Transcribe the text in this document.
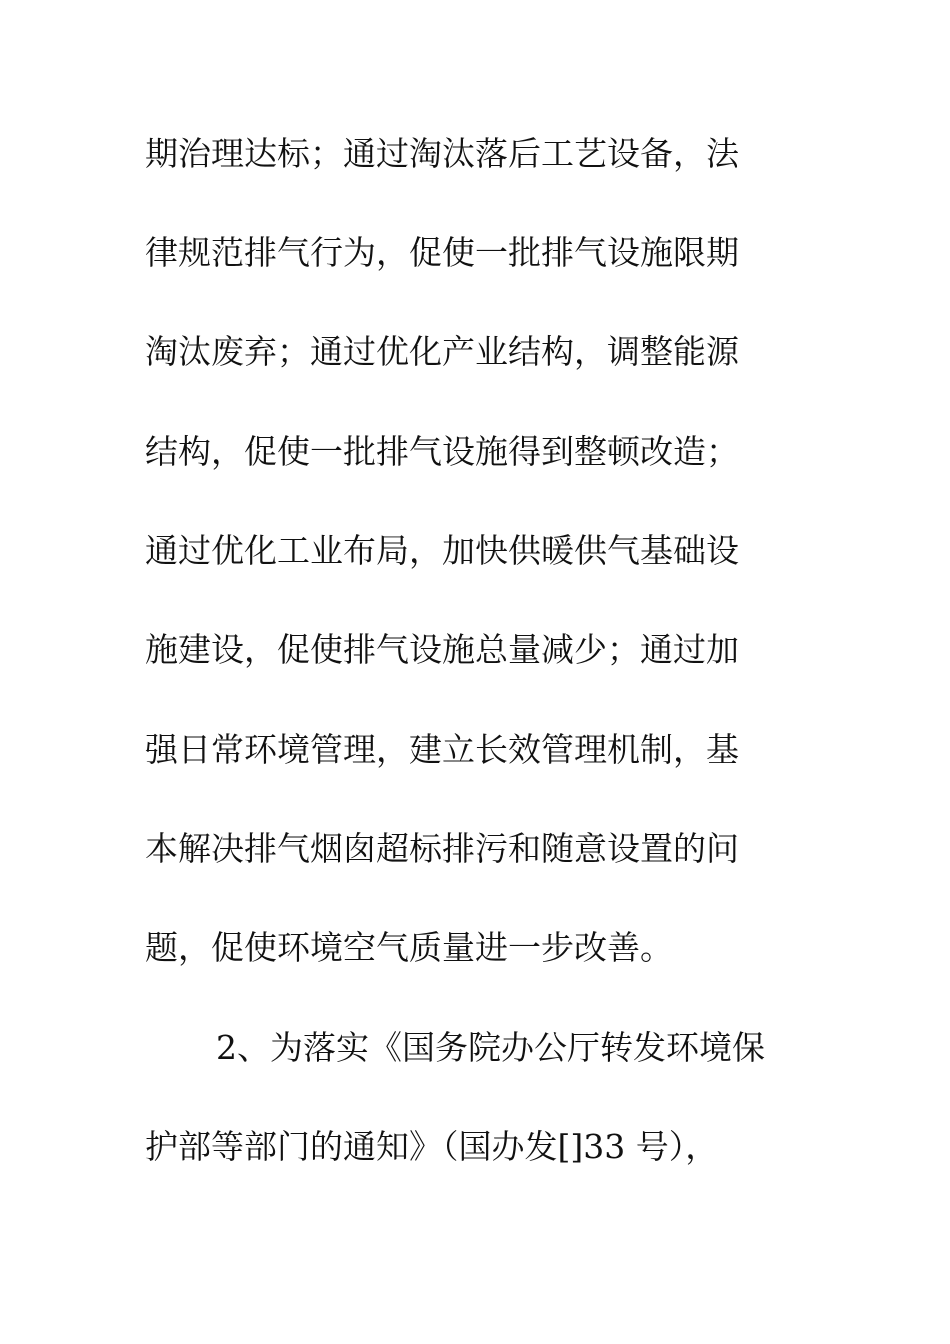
期治理达标；通过淘汰落后工艺设备，法

律规范排气行为，促使一批排气设施限期

淘汰废弃；通过优化产业结构，调整能源

结构，促使一批排气设施得到整顿改造；

通过优化工业布局，加快供暖供气基础设

施建设，促使排气设施总量减少；通过加

强日常环境管理，建立长效管理机制，基

本解决排气烟囱超标排污和随意设置的问

题，促使环境空气质量进一步改善。

2、为落实《国务院办公厅转发环境保

护部等部门的通知》（国办发[]33 号），
